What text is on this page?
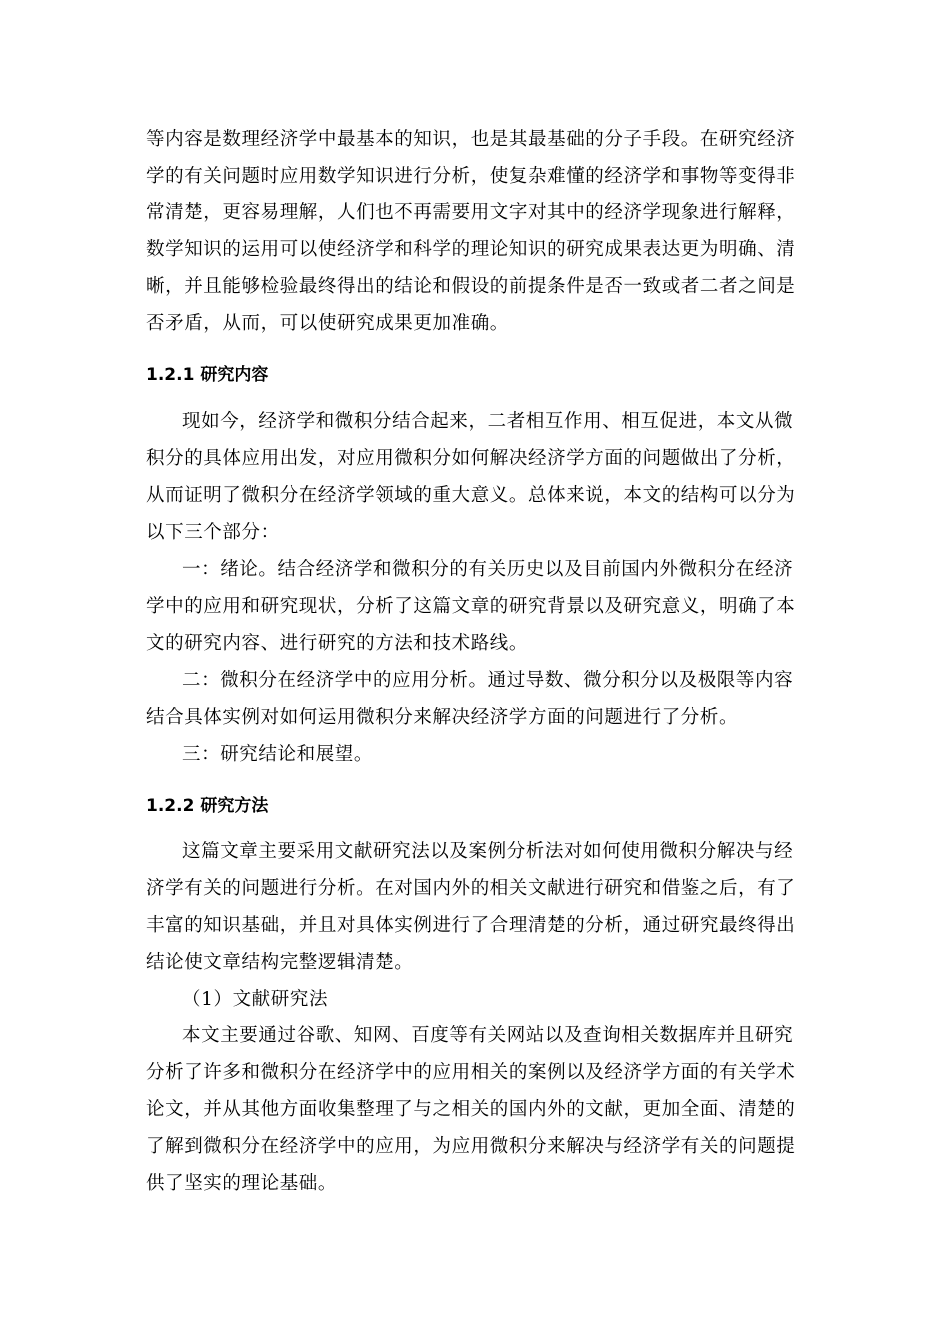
等内容是数理经济学中最基本的知识，也是其最基础的分子手段。在研究经济
学的有关问题时应用数学知识进行分析，使复杂难懂的经济学和事物等变得非
常清楚，更容易理解，人们也不再需要用文字对其中的经济学现象进行解释，
数学知识的运用可以使经济学和科学的理论知识的研究成果表达更为明确、清
晰，并且能够检验最终得出的结论和假设的前提条件是否一致或者二者之间是
否矛盾，从而，可以使研究成果更加准确。
1.2.1 研究内容
现如今，经济学和微积分结合起来，二者相互作用、相互促进，本文从微
积分的具体应用出发，对应用微积分如何解决经济学方面的问题做出了分析，
从而证明了微积分在经济学领域的重大意义。总体来说，本文的结构可以分为
以下三个部分：
一：绪论。结合经济学和微积分的有关历史以及目前国内外微积分在经济
学中的应用和研究现状，分析了这篇文章的研究背景以及研究意义，明确了本
文的研究内容、进行研究的方法和技术路线。
二：微积分在经济学中的应用分析。通过导数、微分积分以及极限等内容
结合具体实例对如何运用微积分来解决经济学方面的问题进行了分析。
三：研究结论和展望。
1.2.2 研究方法
这篇文章主要采用文献研究法以及案例分析法对如何使用微积分解决与经
济学有关的问题进行分析。在对国内外的相关文献进行研究和借鉴之后，有了
丰富的知识基础，并且对具体实例进行了合理清楚的分析，通过研究最终得出
结论使文章结构完整逻辑清楚。
（1）文献研究法
本文主要通过谷歌、知网、百度等有关网站以及查询相关数据库并且研究
分析了许多和微积分在经济学中的应用相关的案例以及经济学方面的有关学术
论文，并从其他方面收集整理了与之相关的国内外的文献，更加全面、清楚的
了解到微积分在经济学中的应用，为应用微积分来解决与经济学有关的问题提
供了坚实的理论基础。
